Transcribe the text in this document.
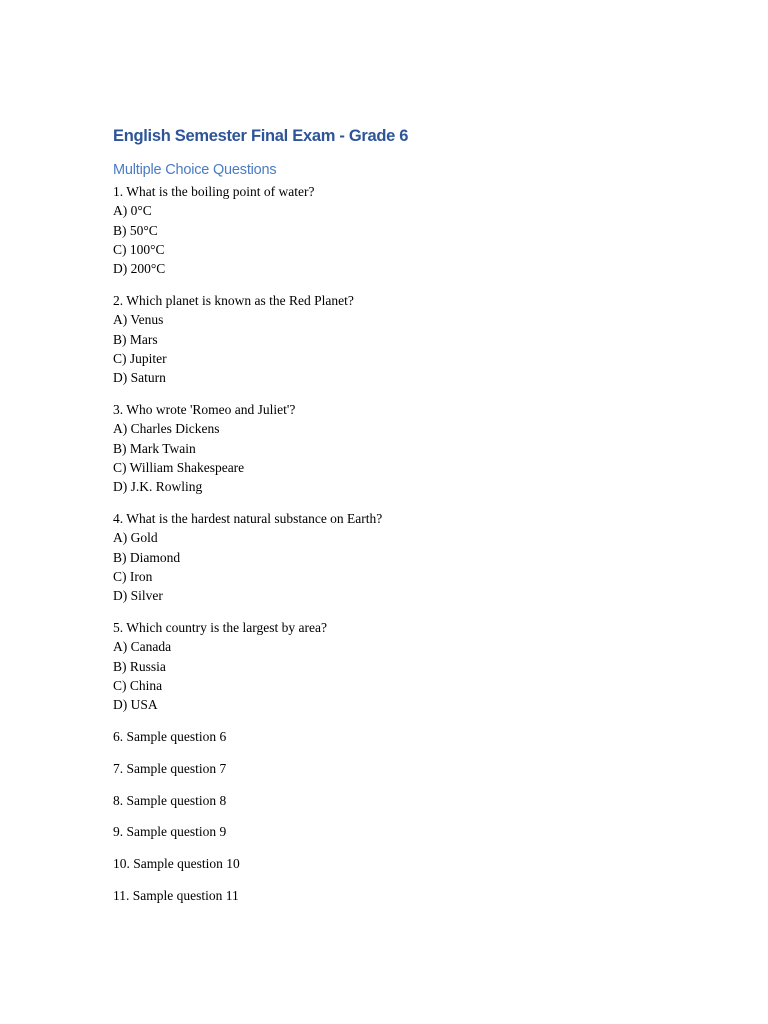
English Semester Final Exam - Grade 6
Multiple Choice Questions
1. What is the boiling point of water?
A) 0°C
B) 50°C
C) 100°C
D) 200°C
2. Which planet is known as the Red Planet?
A) Venus
B) Mars
C) Jupiter
D) Saturn
3. Who wrote 'Romeo and Juliet'?
A) Charles Dickens
B) Mark Twain
C) William Shakespeare
D) J.K. Rowling
4. What is the hardest natural substance on Earth?
A) Gold
B) Diamond
C) Iron
D) Silver
5. Which country is the largest by area?
A) Canada
B) Russia
C) China
D) USA
6. Sample question 6
7. Sample question 7
8. Sample question 8
9. Sample question 9
10. Sample question 10
11. Sample question 11
